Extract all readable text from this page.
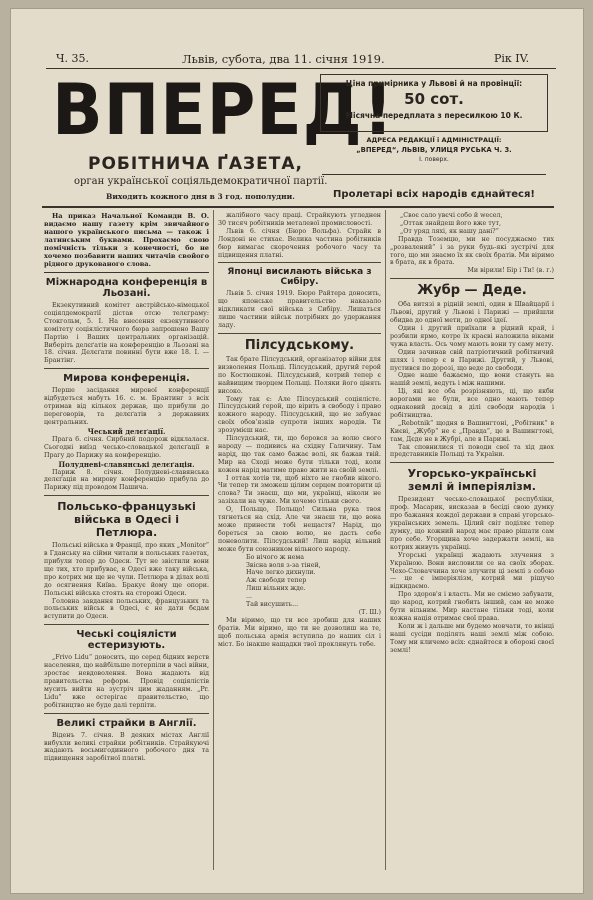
Ч. 35.	Львів, субота, два 11. січня 1919.	Рік IV.
ВПЕРЕД!
РОБІТНИЧА ҐАЗЕТА,
орган української соціяльдемократичної партії.
Виходить кожного дня в 3 год. пополудни.
Ціна примірника у Львові й на провінції:
50 сот.
Місячна передплата з пересилкою 10 К.
АДРЕСА РЕДАКЦІЇ і АДМІНІСТРАЦІЇ:
„ВПЕРЕД“, ЛЬВІВ, УЛИЦЯ РУСЬКА Ч. 3.
І. поверх.
Пролетарі всіх народів єднайтеся!
На приказ Начальної Команди В. О. видаємо нашу газету крім звичайного нашого українського письма — також і латинським буквами. Прохаємо свою помічність тільки з конечності, бо не хочемо позбавити наших читачів свойого рідного друкованого слова.
Міжнародна конференція в Льозані.
Екзекутивний комітет австрійсько-німецької соціялдемократії дістав отсю телєграму: Стокгольм, 5. I. На внесення екзекутивного комітету соціялістичного бюра запрошено Вашу Партію і Ваших центральних організацій. Виберіть делєґатів на конференцію в Льозані на 18. січня. Делєґати повинні бути вже 18. І. — Брантінг.
Мирова конференція.
Перше засідання мирової конференції відбудеться мабуть 16. с. м. Брантинг з всіх отримав від кількох держав, що прибули до переговорів, та делєґатів з державних центральних.
Чеський делєґації.
Прага 6. січня. Сирбний подорож відклалася. Сьогодні виїзд чесько-словацької делєґації в Прагу до Парижу на конференцію.
Полудневі-славянські делєґація.
Париж 8. січня. Полудневі-славянська делєґація на мирову конференцію прибула до Парижу під проводом Пашича.
Польсько-французькі війська в Одесі і Петлюра.
Польські війська в Франції, про яких „Monitor“ в Гданську на сійми читали в польських газетах, прибули тепер до Одеси. Тут не звістили вони ще тих, хто прибуває, в Одесі вже таку війська, про котрих ми ще не чули. Петлюра в ділах волі до осягнення Київа. Бракує йому ще опори. Польські війська стоять на сторожі Одеси.
Головна завдання польських, французьких та польських військ в Одесі, є не дати бєдам вступити до Одеси.
Чеські соціялісти естеризують.
„Frivo Lidu“ доносить, що серед бідних верств населення, що найбільше потерпіли в часі війни, зростає невдоволення. Вона жадають від правительства реформ. Провід соціялістів мусить вийти на зустріч цим жаданням. „Pr. Lidu“ вже остерігає правительство, що робітництво не буде далі терпіти.
Великі страйки в Англії.
Віденъ 7. січня. В деяких містах Англії вибухли великі страйки робітників. Страйкуючі жадають восьмигодинного робочого дня та підвищення заробітної платні.
жалібного часу праці. Страйкують угледнен 30 тисяч робітників металевої промисловості.
Львів 6. січня (Бюро Вольфа). Страйк в Лондоні не стихає. Велика частина робітників бюр вимагає скорочення робочого часу та підвищення платні.
Японці висилають війська з Сибіру.
Львів 5. січня 1919. Бюро Райтера доносить, що японське правительство наказало відкликати свої війська з Сибіру. Лишаться лише частини військ потрібних до удержання ладу.
Пілсудському.
Так брате Пілсудський, організатор війни для визволення Польщі. Пілсудський, другий герой по Костюшкові. Пілсудський, котрий тепер є найвищим творцем Польщі. Поляки його цінять високо.
Тому так є: Але Пілсудський соціялісте. Пілсудський герой, що вірить в свободу і право кожного народу. Пілсудський, що не забуває своїх обовʼязків супроти інших народів. Ти зрозумієш нас.
Пілсудський, ти, що боровся за волю свого народу — подивись на східну Галичину. Там нарід, що так само бажає волі, як бажав твій. Мир на Сході може бути тільки тоді, коли кожен нарід матиме право жити на своїй землі.
І оттак хотів ти, щоб ніхто не гнобив нікого. Чи тепер ти зможеш цілим серцем повторити ці слова? Ти знаєш, що ми, українці, ніколи не зазіхали на чуже. Ми хочемо тільки свого.
О, Польщо, Польщо! Сильна рука твоя тягнеться на схід. Але чи знаєш ти, що вона може принести тобі нещастя? Нарід, що бореться за свою волю, не дасть себе поневолити. Пілсудський! Лиш нарід вільний може бути союзником вільного народу.
Бо нічого ж нема
Звісна воля з-за тіней,
Наче легко дихнули.
Аж свободи тепер
Лиш вільних жде.
...
Тай висушить...
(Т. Ш.)
Ми віримо, що ти все зробиш для наших братів. Ми віримо, що ти не дозволиш на те, щоб польська армія вступила до наших сіл і міст. Бо інакше нащадки твої проклянуть тебе.
„Своє сало увєчі собо й wесел,
„Оттак знайдеш його вже тут,
„От уряд ляxi, як нашу дані?“
Правда Тоземцю, ми не посуджаємо тих „розвалений“ і за руки будь-які зустрічі для того, що ми знаємо їх як своїх братів. Ми віримо в брата, як в брата.
Ми вірили! Бір і Ти! (в. г.)
Жубр — Деде.
Оба витязі в рідній землі, один в Швайцарії і Львові, другий у Львові і Парижі — прийшли обидва до одної мети, до одної ідеї.
Один і другий приїхали в рідний край, і розбили ярмо, котре їх краєві наложила віками чужа власть. Ось чому мають вони ту саму мету.
Один зачинав свій патріотичний робітничий шлях і тепер є в Парижі. Другий, у Львові, пустився по дорозі, що веде до свободи.
Одне наше бажаємо, що вони стануть на нашій землі, ведуть і між нашими.
Ці, які все оба розрізняють, ці, що якби ворогами не були, все одно мають тепер однаковий досвід в ділі свободи народів і робітництва.
„Rebotnik“ щодня в Вашингтоні, „Робітник“ в Києві, „Жубр“ не є „Правда“, це в Вашингтоні, там, Дєде не в Жубрі, але в Парижі.
Так сповнилися ті поводи свої та хід двох представників Польщі та України.
Угорсько-українські землі й імперіялізм.
Президент чесько-словацької республіки, проф. Масарик, висказав в бесіді свою думку про бажання кождої держави в справі угорсько-українських земель. Цілий світ поділяє тепер думку, що кожний народ має право рішати сам про себе. Угорщина хоче задержати землі, на котрих живуть українці.
Угорські українці жадають злучення з Україною. Вони висловили се на своїх зборах. Чехо-Словаччина хоче злучити ці землі з собою — це є імперіялізм, котрий ми рішучо відкидаємо.
Про здоров'я і власть. Ми не сміємо забувати, що народ, котрий гнобить інший, сам не може бути вільним. Мир настане тільки тоді, коли кожна нація отримає свої права.
Коли ж і дальше ми будемо мовчати, то вкінці наші сусіди поділять наші землі між собою. Тому ми кличемо всіх: єднайтеся в обороні своєї землі!
